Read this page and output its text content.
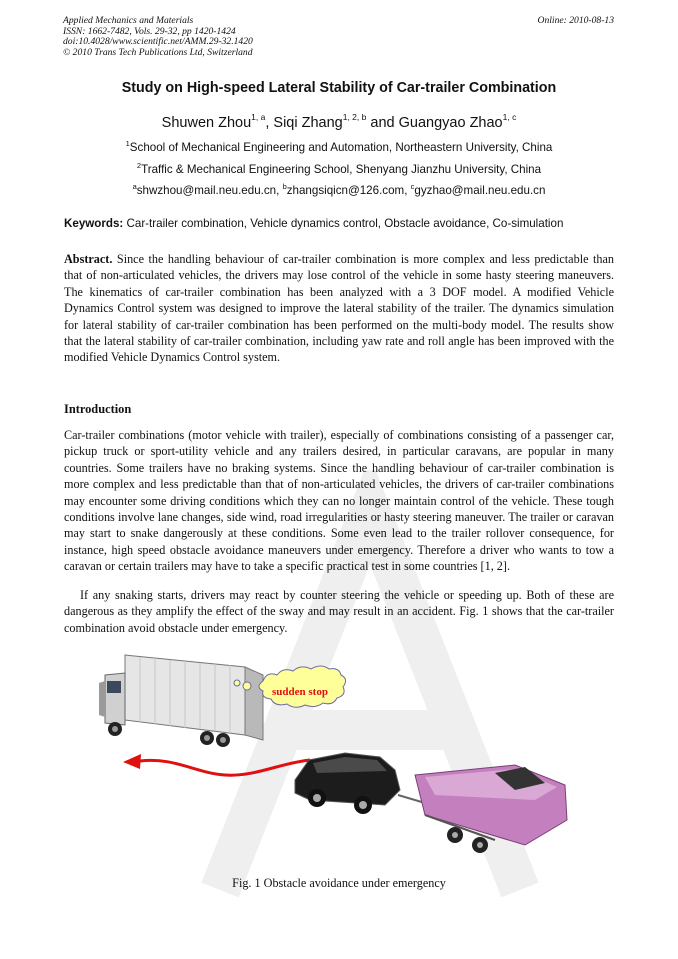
Applied Mechanics and Materials
ISSN: 1662-7482, Vols. 29-32, pp 1420-1424
doi:10.4028/www.scientific.net/AMM.29-32.1420
© 2010 Trans Tech Publications Ltd, Switzerland
Online: 2010-08-13
Study on High-speed Lateral Stability of Car-trailer Combination
Shuwen Zhou$^{1, a}$, Siqi Zhang$^{1, 2, b}$ and Guangyao Zhao$^{1, c}$
$^1$School of Mechanical Engineering and Automation, Northeastern University, China
$^2$Traffic & Mechanical Engineering School, Shenyang Jianzhu University, China
$^a$shwzhou@mail.neu.edu.cn, $^b$zhangsiqicn@126.com, $^c$gyzhao@mail.neu.edu.cn
Keywords: Car-trailer combination, Vehicle dynamics control, Obstacle avoidance, Co-simulation
Abstract. Since the handling behaviour of car-trailer combination is more complex and less predictable than that of non-articulated vehicles, the drivers may lose control of the vehicle in some hasty steering maneuvers. The kinematics of car-trailer combination has been analyzed with a 3 DOF model. A modified Vehicle Dynamics Control system was designed to improve the lateral stability of the trailer. The dynamics simulation for lateral stability of car-trailer combination has been performed on the multi-body model. The results show that the lateral stability of car-trailer combination, including yaw rate and roll angle has been improved with the modified Vehicle Dynamics Control system.
Introduction
Car-trailer combinations (motor vehicle with trailer), especially of combinations consisting of a passenger car, pickup truck or sport-utility vehicle and any trailers desired, in particular caravans, are popular in many countries. Some trailers have no braking systems. Since the handling behaviour of car-trailer combination is more complex and less predictable than that of non-articulated vehicles, the drivers of car-trailer combinations may encounter some driving conditions which they can no longer maintain control of the vehicle. These tough conditions involve lane changes, side wind, road irregularities or hasty steering maneuver. The trailer or caravan may start to snake dangerously at these conditions. Some even lead to the trailer rollover consequence, for instance, high speed obstacle avoidance maneuvers under emergency. Therefore a driver who wants to tow a caravan or certain trailers may have to take a specific practical test in some countries [1, 2].
If any snaking starts, drivers may react by counter steering the vehicle or speeding up. Both of these are dangerous as they amplify the effect of the sway and may result in an accident. Fig. 1 shows that the car-trailer combination avoid obstacle under emergency.
sudden stop
Fig. 1 Obstacle avoidance under emergency
